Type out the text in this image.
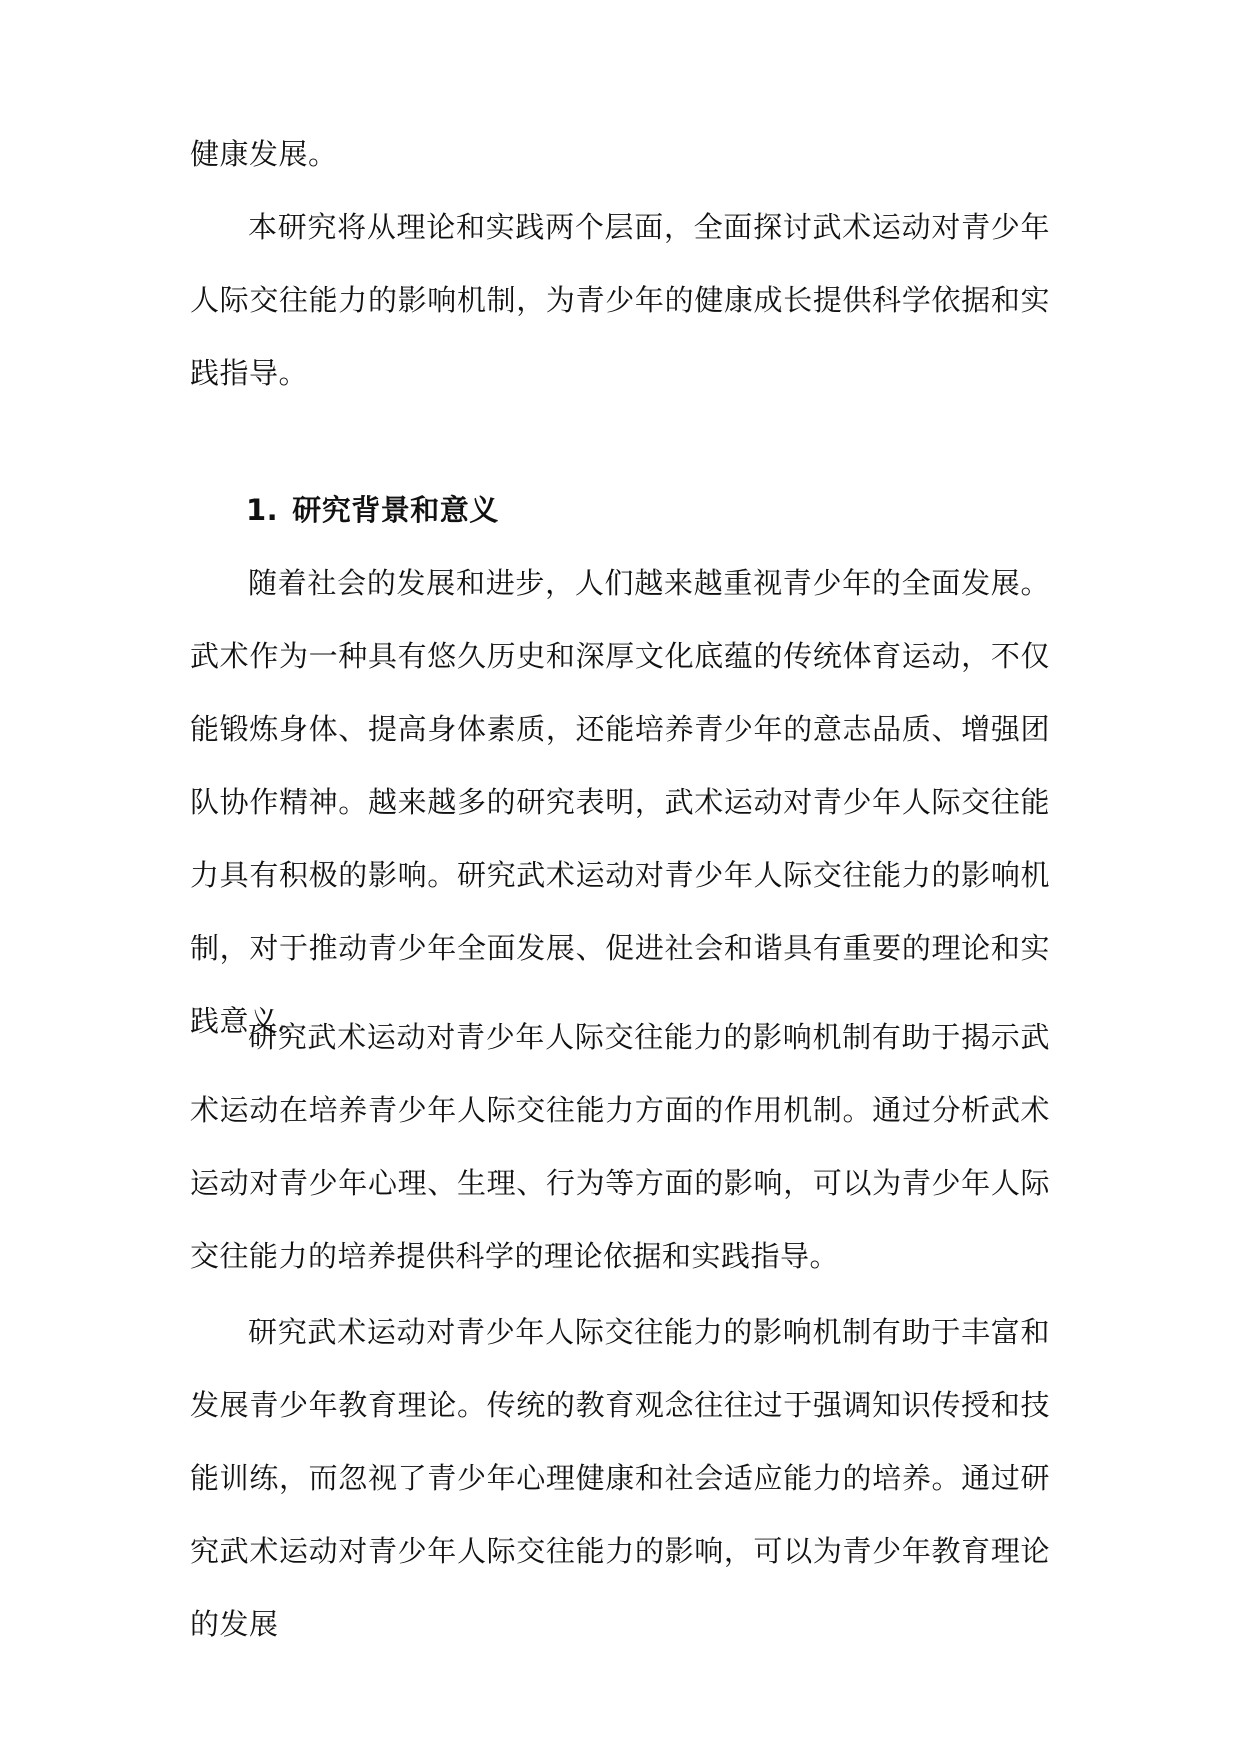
健康发展。

本研究将从理论和实践两个层面，全面探讨武术运动对青少年人际交往能力的影响机制，为青少年的健康成长提供科学依据和实践指导。

1. 研究背景和意义

随着社会的发展和进步，人们越来越重视青少年的全面发展。武术作为一种具有悠久历史和深厚文化底蕴的传统体育运动，不仅能锻炼身体、提高身体素质，还能培养青少年的意志品质、增强团队协作精神。越来越多的研究表明，武术运动对青少年人际交往能力具有积极的影响。研究武术运动对青少年人际交往能力的影响机制，对于推动青少年全面发展、促进社会和谐具有重要的理论和实践意义。

研究武术运动对青少年人际交往能力的影响机制有助于揭示武术运动在培养青少年人际交往能力方面的作用机制。通过分析武术运动对青少年心理、生理、行为等方面的影响，可以为青少年人际交往能力的培养提供科学的理论依据和实践指导。

研究武术运动对青少年人际交往能力的影响机制有助于丰富和发展青少年教育理论。传统的教育观念往往过于强调知识传授和技能训练，而忽视了青少年心理健康和社会适应能力的培养。通过研究武术运动对青少年人际交往能力的影响，可以为青少年教育理论的发展
